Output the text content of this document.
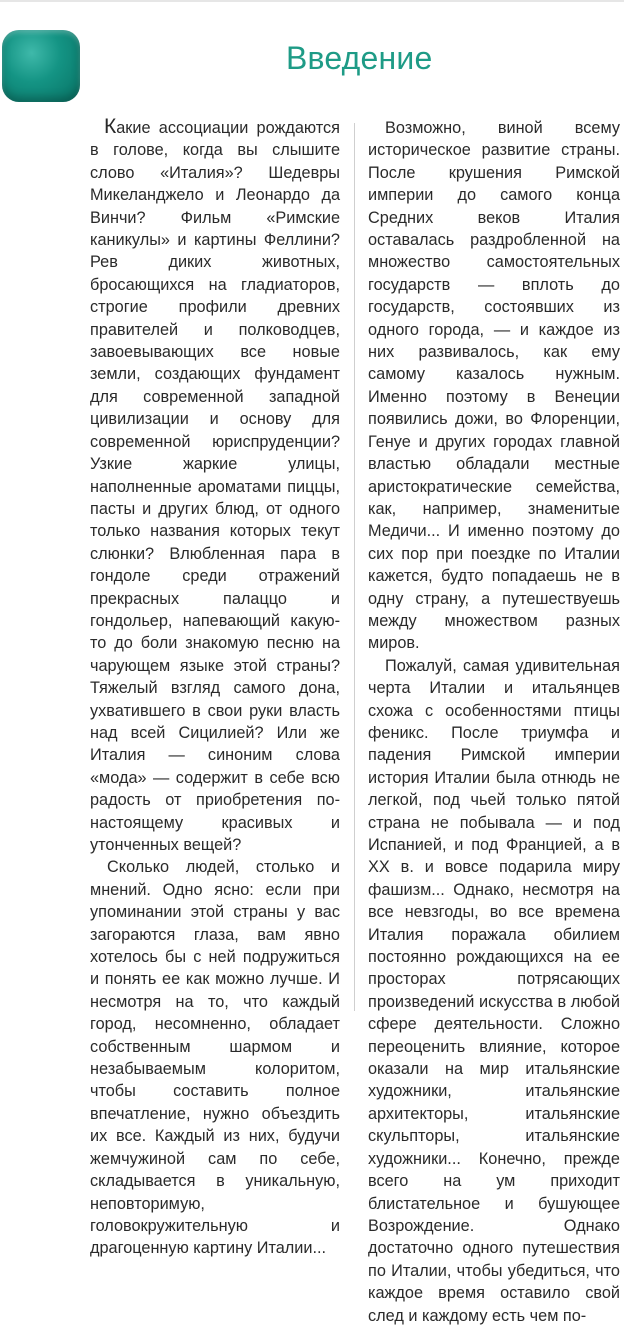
Введение

Какие ассоциации рождаются в голове, когда вы слышите слово «Италия»? Шедевры Микеланджело и Леонардо да Винчи? Фильм «Римские каникулы» и картины Феллини? Рев диких животных, бросающихся на гладиаторов, строгие профили древних правителей и полководцев, завоевывающих все новые земли, создающих фундамент для современной западной цивилизации и основу для современной юриспруденции? Узкие жаркие улицы, наполненные ароматами пиццы, пасты и других блюд, от одного только названия которых текут слюнки? Влюбленная пара в гондоле среди отражений прекрасных палаццо и гондольер, напевающий какую-то до боли знакомую песню на чарующем языке этой страны? Тяжелый взгляд самого дона, ухватившего в свои руки власть над всей Сицилией? Или же Италия — синоним слова «мода» — содержит в себе всю радость от приобретения по-настоящему красивых и утонченных вещей?

Сколько людей, столько и мнений. Одно ясно: если при упоминании этой страны у вас загораются глаза, вам явно хотелось бы с ней подружиться и понять ее как можно лучше. И несмотря на то, что каждый город, несомненно, обладает собственным шармом и незабываемым колоритом, чтобы составить полное впечатление, нужно объездить их все. Каждый из них, будучи жемчужиной сам по себе, складывается в уникальную, неповторимую, головокружительную и драгоценную картину Италии...

Возможно, виной всему историческое развитие страны. После крушения Римской империи до самого конца Средних веков Италия оставалась раздробленной на множество самостоятельных государств — вплоть до государств, состоявших из одного города, — и каждое из них развивалось, как ему самому казалось нужным. Именно поэтому в Венеции появились дожи, во Флоренции, Генуе и других городах главной властью обладали местные аристократические семейства, как, например, знаменитые Медичи... И именно поэтому до сих пор при поездке по Италии кажется, будто попадаешь не в одну страну, а путешествуешь между множеством разных миров.

Пожалуй, самая удивительная черта Италии и итальянцев схожа с особенностями птицы феникс. После триумфа и падения Римской империи история Италии была отнюдь не легкой, под чьей только пятой страна не побывала — и под Испанией, и под Францией, а в XX в. и вовсе подарила миру фашизм... Однако, несмотря на все невзгоды, во все времена Италия поражала обилием постоянно рождающихся на ее просторах потрясающих произведений искусства в любой сфере деятельности. Сложно переоценить влияние, которое оказали на мир итальянские художники, итальянские архитекторы, итальянские скульпторы, итальянские художники... Конечно, прежде всего на ум приходит блистательное и бушующее Возрождение. Однако достаточно одного путешествия по Италии, чтобы убедиться, что каждое время оставило свой след и каждому есть чем по-
